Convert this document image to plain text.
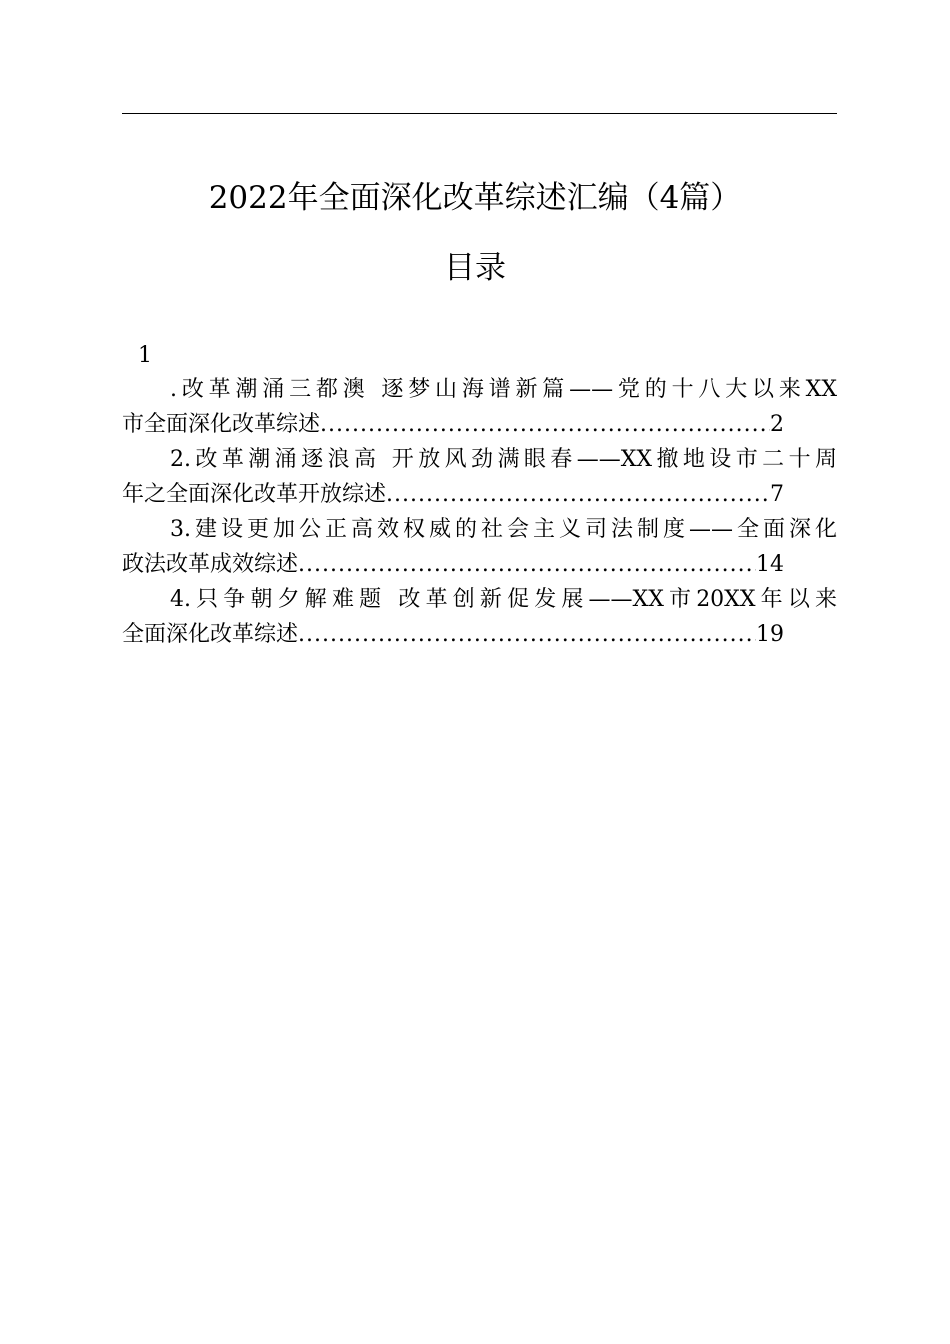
2022年全面深化改革综述汇编（4篇）
目录
1
.改革潮涌三都澳 逐梦山海谱新篇——党的十八大以来XX
市全面深化改革综述 .....	2
2.改革潮涌逐浪高 开放风劲满眼春——XX撤地设市二十周
年之全面深化改革开放综述 .....	7
3.建设更加公正高效权威的社会主义司法制度——全面深化
政法改革成效综述 .....	14
4.只争朝夕解难题 改革创新促发展——XX市20XX年以来
全面深化改革综述 .....	19
